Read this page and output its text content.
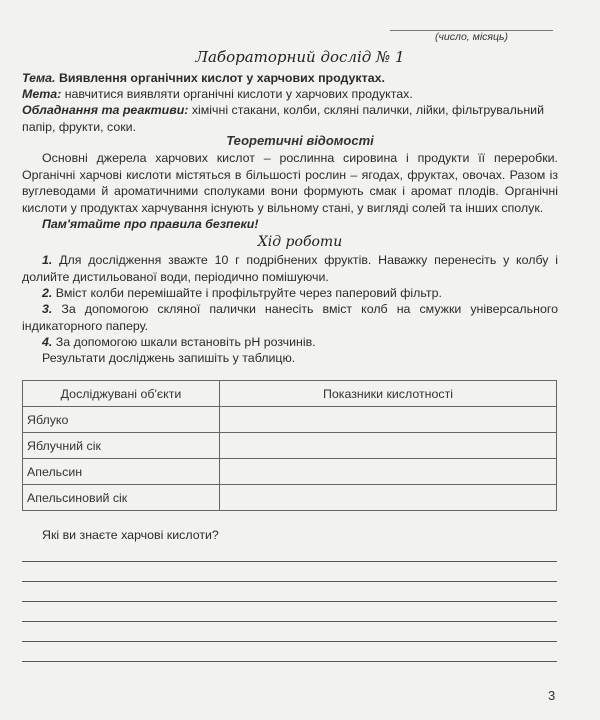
(число, місяць)
Лабораторний дослід № 1
Тема. Виявлення органічних кислот у харчових продуктах.
Мета: навчитися виявляти органічні кислоти у харчових продуктах.
Обладнання та реактиви: хімічні стакани, колби, скляні палички, лійки, фільтрувальний папір, фрукти, соки.
Теоретичні відомості
Основні джерела харчових кислот – рослинна сировина і продукти її переробки. Органічні харчові кислоти містяться в більшості рослин – ягодах, фруктах, овочах. Разом із вуглеводами й ароматичними сполуками вони формують смак і аромат плодів. Органічні кислоти у продуктах харчування існують у вільному стані, у вигляді солей та інших сполук.
Пам'ятайте про правила безпеки!
Хід роботи
1. Для дослідження зважте 10 г подрібнених фруктів. Наважку перенесіть у колбу і долийте дистильованої води, періодично помішуючи.
2. Вміст колби перемішайте і профільтруйте через паперовий фільтр.
3. За допомогою скляної палички нанесіть вміст колб на смужки універсального індикаторного паперу.
4. За допомогою шкали встановіть pH розчинів.
Результати досліджень запишіть у таблицю.
Досліджувані об'єкти	Показники кислотності
Яблуко	
Яблучний сік	
Апельсин	
Апельсиновий сік	
Які ви знаєте харчові кислоти?
3
